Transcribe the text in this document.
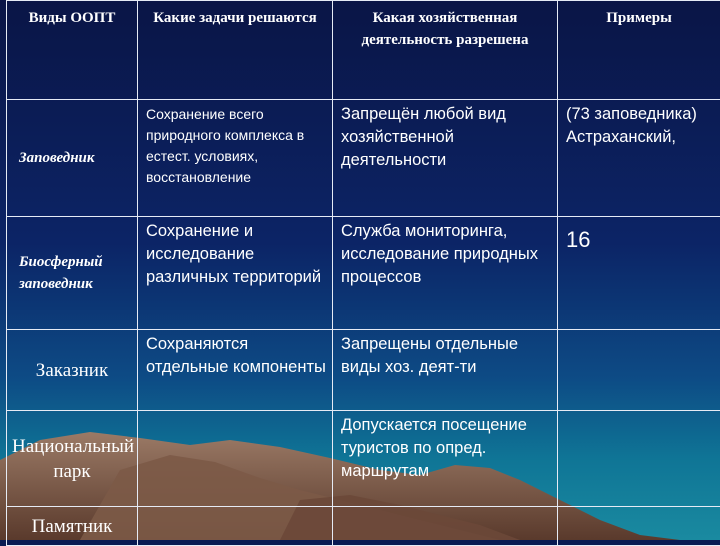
Виды ООПТ	Какие задачи решаются	Какая хозяйственная деятельность разрешена	Примеры

Заповедник	Сохранение всего природного комплекса в естест. условиях, восстановление	Запрещён любой вид хозяйственной деятельности	(73 заповедника) Астраханский,

Биосферный заповедник	Сохранение и исследование различных территорий	Служба мониторинга, исследование природных процессов	16

Заказник	Сохраняются отдельные компоненты	Запрещены отдельные виды хоз. деят-ти	

Национальный парк		Допускается посещение туристов по опред. маршрутам	

Памятник			
